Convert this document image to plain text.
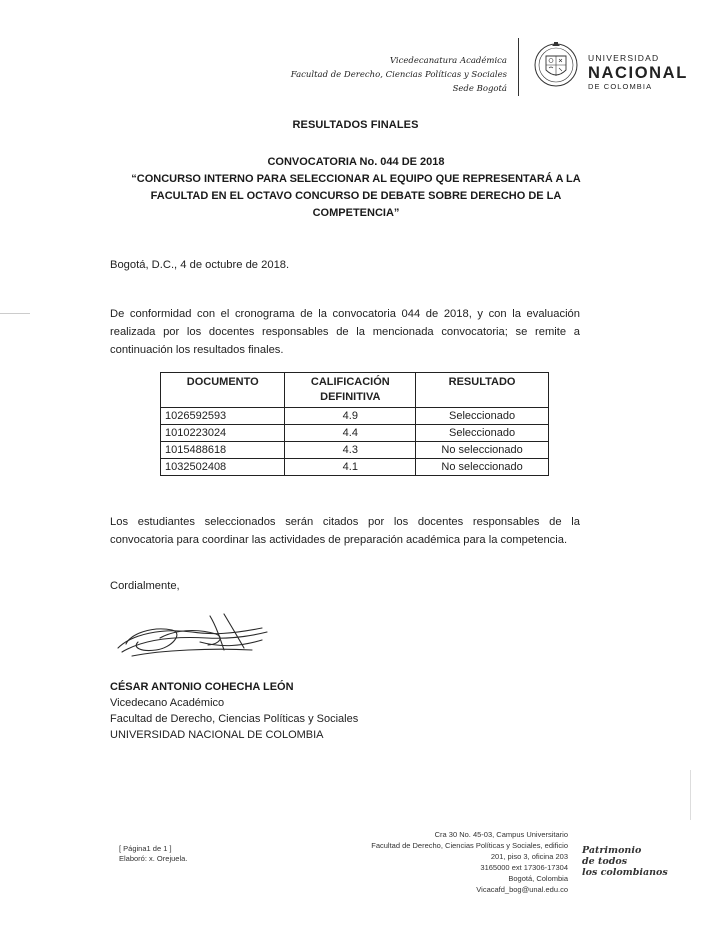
Vicedecanatura Académica
Facultad de Derecho, Ciencias Políticas y Sociales
Sede Bogotá
UNIVERSIDAD
NACIONAL
DE COLOMBIA
RESULTADOS FINALES
CONVOCATORIA No. 044 DE 2018
“CONCURSO INTERNO PARA SELECCIONAR AL EQUIPO QUE REPRESENTARÁ A LA
FACULTAD EN EL OCTAVO CONCURSO DE DEBATE SOBRE DERECHO DE LA
COMPETENCIA”
Bogotá, D.C., 4 de octubre de 2018.
De conformidad con el cronograma de la convocatoria 044 de 2018, y con la evaluación realizada por los docentes responsables de la mencionada convocatoria; se remite a continuación los resultados finales.
DOCUMENTO	CALIFICACIÓN DEFINITIVA	RESULTADO
1026592593	4.9	Seleccionado
1010223024	4.4	Seleccionado
1015488618	4.3	No seleccionado
1032502408	4.1	No seleccionado
Los estudiantes seleccionados serán citados por los docentes responsables de la convocatoria para coordinar las actividades de preparación académica para la competencia.
Cordialmente,
CÉSAR ANTONIO COHECHA LEÓN
Vicedecano Académico
Facultad de Derecho, Ciencias Políticas y Sociales
UNIVERSIDAD NACIONAL DE COLOMBIA
[ Página1 de 1 ]
Elaboró: x. Orejuela.
Cra 30 No. 45-03, Campus Universitario
Facultad de Derecho, Ciencias Políticas y Sociales, edificio
201, piso 3, oficina 203
3165000 ext 17306-17304
Bogotá, Colombia
Vicacafd_bog@unal.edu.co
Patrimonio
de todos
los colombianos
